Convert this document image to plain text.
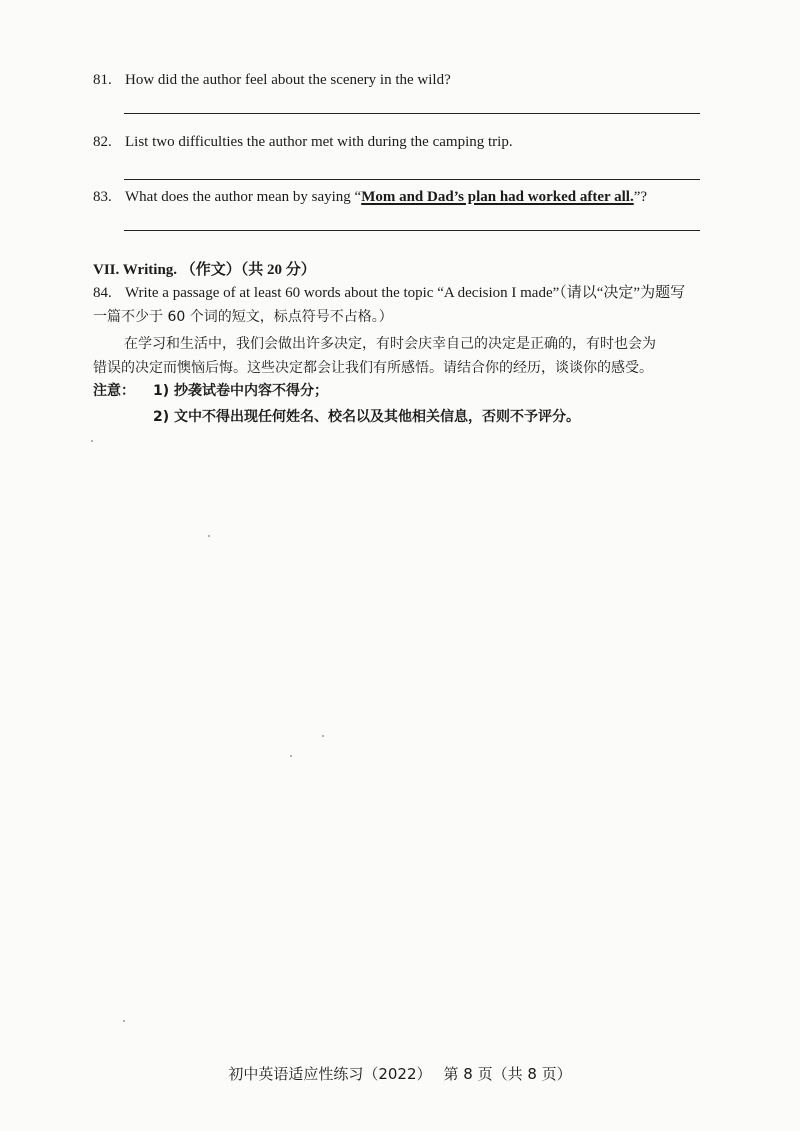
81. How did the author feel about the scenery in the wild?
82. List two difficulties the author met with during the camping trip.
83. What does the author mean by saying “Mom and Dad’s plan had worked after all.”?
VII. Writing. （作文）（共 20 分）
84. Write a passage of at least 60 words about the topic “A decision I made”（请以“决定”为题写
一篇不少于 60 个词的短文，标点符号不占格。）
在学习和生活中，我们会做出许多决定，有时会庆幸自己的决定是正确的，有时也会为
错误的决定而懊恼后悔。这些决定都会让我们有所感悟。请结合你的经历，谈谈你的感受。
注意： 1) 抄袭试卷中内容不得分；
2) 文中不得出现任何姓名、校名以及其他相关信息，否则不予评分。
初中英语适应性练习（2022） 第 8 页（共 8 页）
